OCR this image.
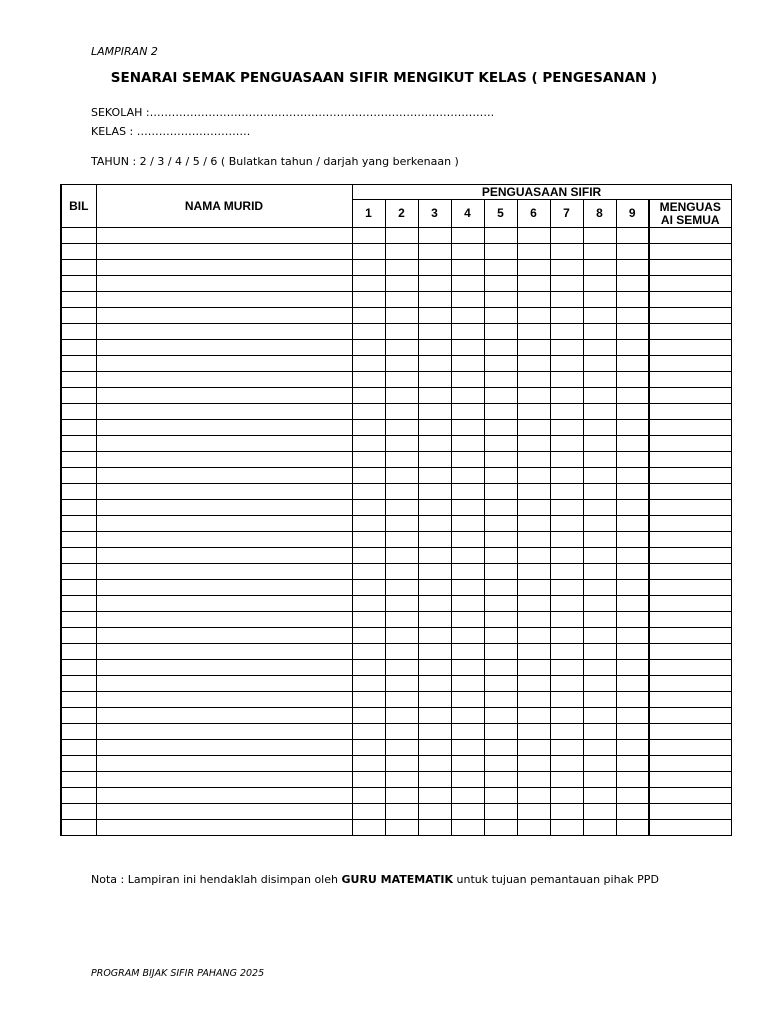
LAMPIRAN 2
SENARAI SEMAK PENGUASAAN SIFIR MENGIKUT KELAS ( PENGESANAN )
SEKOLAH :………………………………………………………………………………….
KELAS : ………………………….
TAHUN : 2 / 3 / 4 / 5 / 6 ( Bulatkan tahun / darjah yang berkenaan )
BIL	NAMA MURID	PENGUASAAN SIFIR									
		1	2	3	4	5	6	7	8	9	MENGUAS
AI SEMUA

Nota : Lampiran ini hendaklah disimpan oleh GURU MATEMATIK untuk tujuan pemantauan pihak PPD
PROGRAM BIJAK SIFIR PAHANG 2025
